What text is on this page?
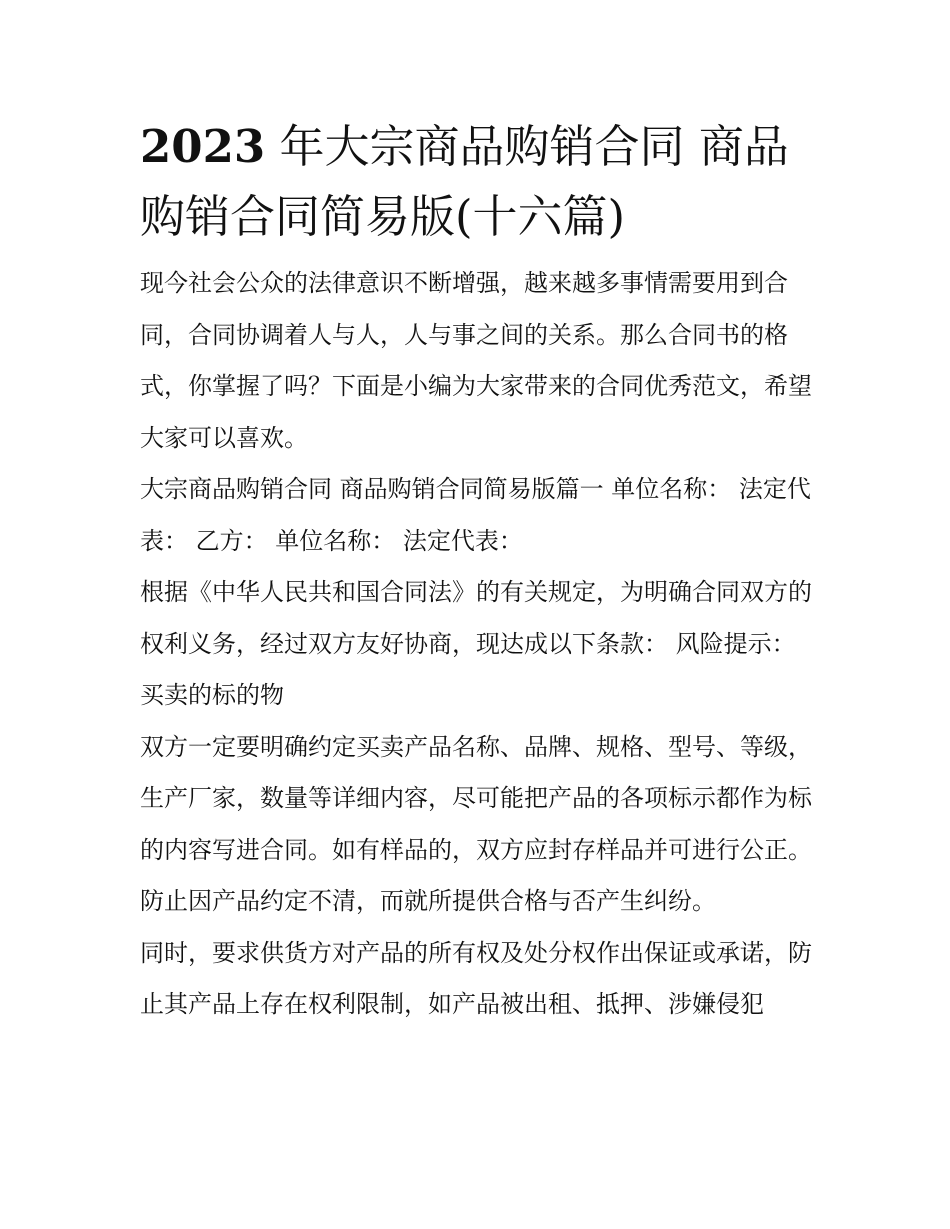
2023 年大宗商品购销合同 商品购销合同简易版(十六篇)

现今社会公众的法律意识不断增强，越来越多事情需要用到合同，合同协调着人与人，人与事之间的关系。那么合同书的格式，你掌握了吗？下面是小编为大家带来的合同优秀范文，希望大家可以喜欢。

大宗商品购销合同 商品购销合同简易版篇一 单位名称： 法定代表： 乙方： 单位名称： 法定代表：

根据《中华人民共和国合同法》的有关规定，为明确合同双方的权利义务，经过双方友好协商，现达成以下条款： 风险提示：买卖的标的物

双方一定要明确约定买卖产品名称、品牌、规格、型号、等级，生产厂家，数量等详细内容，尽可能把产品的各项标示都作为标的内容写进合同。如有样品的，双方应封存样品并可进行公正。防止因产品约定不清，而就所提供合格与否产生纠纷。

同时，要求供货方对产品的所有权及处分权作出保证或承诺，防止其产品上存在权利限制，如产品被出租、抵押、涉嫌侵犯
